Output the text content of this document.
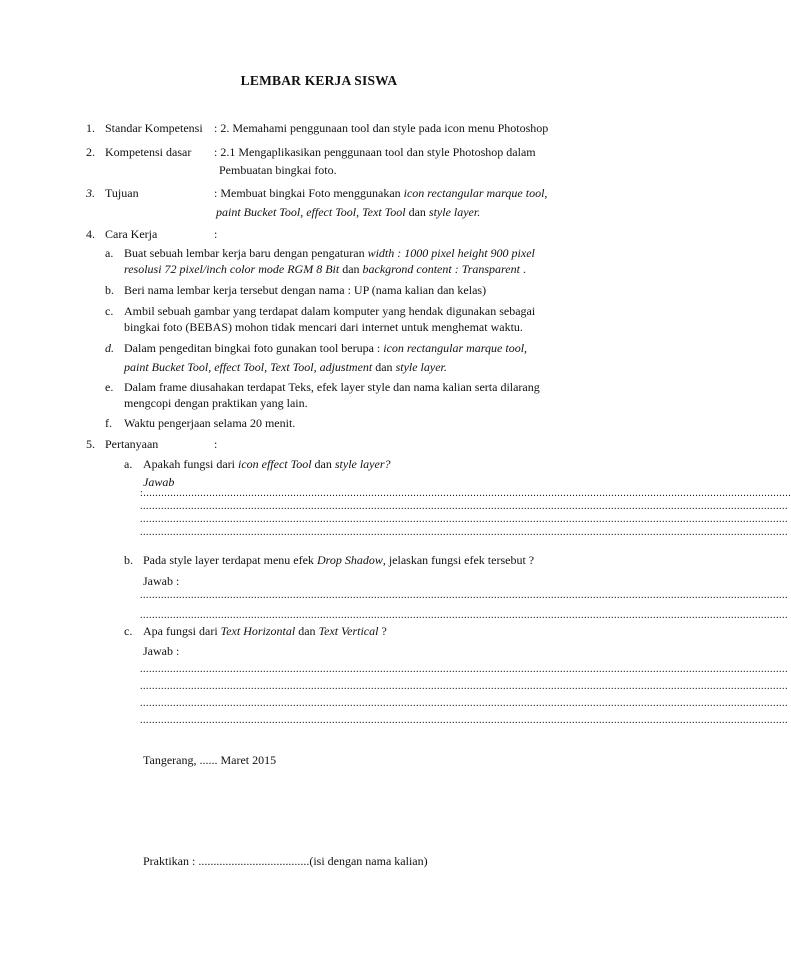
LEMBAR KERJA SISWA
1. Standar Kompetensi : 2. Memahami penggunaan tool dan style pada icon menu Photoshop
2. Kompetensi dasar : 2.1 Mengaplikasikan penggunaan tool dan style Photoshop dalam
Pembuatan bingkai foto.
3. Tujuan	: Membuat bingkai Foto menggunakan icon rectangular marque tool,
paint Bucket Tool, effect Tool, Text Tool dan style layer.
4. Cara Kerja	:
a. Buat sebuah lembar kerja baru dengan pengaturan width : 1000 pixel height 900 pixel
resolusi 72 pixel/inch color mode RGM 8 Bit dan backgrond content : Transparent .
b. Beri nama lembar kerja tersebut dengan nama : UP (nama kalian dan kelas)
c. Ambil sebuah gambar yang terdapat dalam komputer yang hendak digunakan sebagai
bingkai foto (BEBAS) mohon tidak mencari dari internet untuk menghemat waktu.
d. Dalam pengeditan bingkai foto gunakan tool berupa : icon rectangular marque tool,
paint Bucket Tool, effect Tool, Text Tool, adjustment dan style layer.
e. Dalam frame diusahakan terdapat Teks, efek layer style dan nama kalian serta dilarang
mengcopi dengan praktikan yang lain.
f. Waktu pengerjaan selama 20 menit.
5. Pertanyaan	:
a. Apakah fungsi dari icon effect Tool dan style layer?
Jawab
:........................................................................................................................................................................................................................
........................................................................................................................................................................................................................
........................................................................................................................................................................................................................
........................................................................................................................................................................................................................
b. Pada style layer terdapat menu efek Drop Shadow, jelaskan fungsi efek tersebut ?
Jawab :
........................................................................................................................................................................................................................
........................................................................................................................................................................................................................
c. Apa fungsi dari Text Horizontal dan Text Vertical ?
Jawab :
........................................................................................................................................................................................................................
........................................................................................................................................................................................................................
........................................................................................................................................................................................................................
........................................................................................................................................................................................................................
Tangerang, ...... Maret 2015
Praktikan : .....................................(isi dengan nama kalian)
